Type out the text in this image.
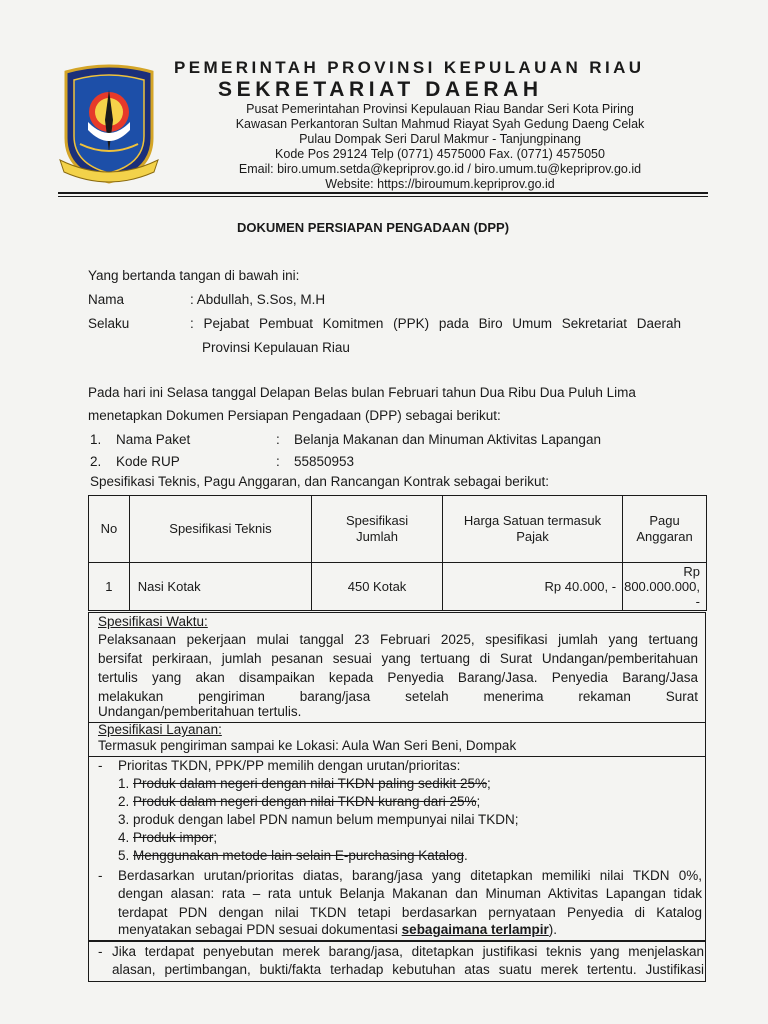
PEMERINTAH PROVINSI KEPULAUAN RIAU
SEKRETARIAT DAERAH
Pusat Pemerintahan Provinsi Kepulauan Riau Bandar Seri Kota Piring
Kawasan Perkantoran Sultan Mahmud Riayat Syah Gedung Daeng Celak
Pulau Dompak Seri Darul Makmur - Tanjungpinang
Kode Pos 29124 Telp (0771) 4575000 Fax. (0771) 4575050
Email: biro.umum.setda@kepriprov.go.id / biro.umum.tu@kepriprov.go.id
Website: https://biroumum.kepriprov.go.id
DOKUMEN PERSIAPAN PENGADAAN (DPP)
Yang bertanda tangan di bawah ini:
Nama	: Abdullah, S.Sos, M.H
Selaku	: Pejabat Pembuat Komitmen (PPK) pada Biro Umum Sekretariat Daerah
Provinsi Kepulauan Riau
Pada hari ini Selasa tanggal Delapan Belas bulan Februari tahun Dua Ribu Dua Puluh Lima
menetapkan Dokumen Persiapan Pengadaan (DPP) sebagai berikut:
1. Nama Paket	: Belanja Makanan dan Minuman Aktivitas Lapangan
2. Kode RUP	: 55850953
Spesifikasi Teknis, Pagu Anggaran, dan Rancangan Kontrak sebagai berikut:
No	Spesifikasi Teknis	Spesifikasi Jumlah	Harga Satuan termasuk Pajak	Pagu Anggaran
1	Nasi Kotak	450 Kotak	Rp 40.000, -	Rp 800.000.000, -
Spesifikasi Waktu:
Pelaksanaan pekerjaan mulai tanggal 23 Februari 2025, spesifikasi jumlah yang tertuang
bersifat perkiraan, jumlah pesanan sesuai yang tertuang di Surat Undangan/pemberitahuan
tertulis yang akan disampaikan kepada Penyedia Barang/Jasa. Penyedia Barang/Jasa
melakukan pengiriman barang/jasa setelah menerima rekaman Surat
Undangan/pemberitahuan tertulis.
Spesifikasi Layanan:
Termasuk pengiriman sampai ke Lokasi: Aula Wan Seri Beni, Dompak
- Prioritas TKDN, PPK/PP memilih dengan urutan/prioritas:
1. Produk dalam negeri dengan nilai TKDN paling sedikit 25%;
2. Produk dalam negeri dengan nilai TKDN kurang dari 25%;
3. produk dengan label PDN namun belum mempunyai nilai TKDN;
4. Produk impor;
5. Menggunakan metode lain selain E-purchasing Katalog.
- Berdasarkan urutan/prioritas diatas, barang/jasa yang ditetapkan memiliki nilai TKDN 0%,
dengan alasan: rata – rata untuk Belanja Makanan dan Minuman Aktivitas Lapangan tidak
terdapat PDN dengan nilai TKDN tetapi berdasarkan pernyataan Penyedia di Katalog
menyatakan sebagai PDN sesuai dokumentasi sebagaimana terlampir).
- Jika terdapat penyebutan merek barang/jasa, ditetapkan justifikasi teknis yang menjelaskan
alasan, pertimbangan, bukti/fakta terhadap kebutuhan atas suatu merek tertentu. Justifikasi
